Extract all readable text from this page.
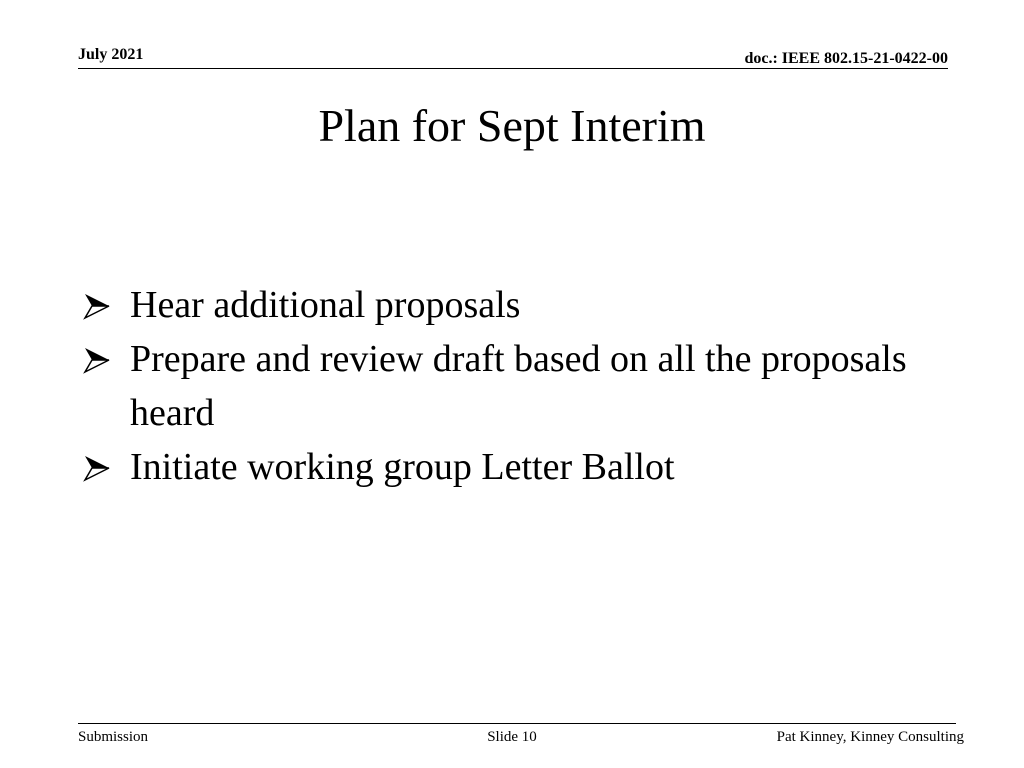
July 2021	doc.: IEEE 802.15-21-0422-00
Plan for Sept Interim
Hear additional proposals
Prepare and review draft based on all the proposals heard
Initiate working group Letter Ballot
Submission	Slide 10	Pat Kinney, Kinney Consulting
